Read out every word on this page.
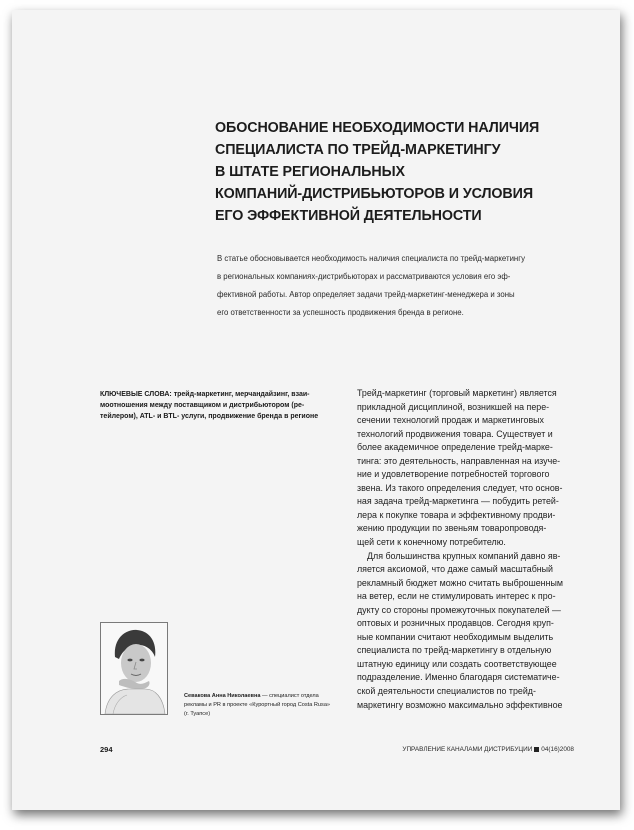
ОБОСНОВАНИЕ НЕОБХОДИМОСТИ НАЛИЧИЯ
СПЕЦИАЛИСТА ПО ТРЕЙД-МАРКЕТИНГУ
В ШТАТЕ РЕГИОНАЛЬНЫХ
КОМПАНИЙ-ДИСТРИБЬЮТОРОВ И УСЛОВИЯ
ЕГО ЭФФЕКТИВНОЙ ДЕЯТЕЛЬНОСТИ
В статье обосновывается необходимость наличия специалиста по трейд-маркетингу
в региональных компаниях-дистрибьюторах и рассматриваются условия его эф-
фективной работы. Автор определяет задачи трейд-маркетинг-менеджера и зоны
его ответственности за успешность продвижения бренда в регионе.
КЛЮЧЕВЫЕ СЛОВА: трейд-маркетинг, мерчандайзинг, взаи-
моотношения между поставщиком и дистрибьютором (ре-
тейлером), ATL- и BTL- услуги, продвижение бренда в регионе
Трейд-маркетинг (торговый маркетинг) является
прикладной дисциплиной, возникшей на пере-
сечении технологий продаж и маркетинговых
технологий продвижения товара. Существует и
более академичное определение трейд-марке-
тинга: это деятельность, направленная на изуче-
ние и удовлетворение потребностей торгового
звена. Из такого определения следует, что основ-
ная задача трейд-маркетинга — побудить ретей-
лера к покупке товара и эффективному продви-
жению продукции по звеньям товаропроводя-
щей сети к конечному потребителю.
Для большинства крупных компаний давно яв-
ляется аксиомой, что даже самый масштабный
рекламный бюджет можно считать выброшенным
на ветер, если не стимулировать интерес к про-
дукту со стороны промежуточных покупателей —
оптовых и розничных продавцов. Сегодня круп-
ные компании считают необходимым выделить
специалиста по трейд-маркетингу в отдельную
штатную единицу или создать соответствующее
подразделение. Именно благодаря систематиче-
ской деятельности специалистов по трейд-
маркетингу возможно максимально эффективное
Севакова Анна Николаевна — специалист отдела
рекламы и PR в проекте «Курортный город Costa Rusa»
(г. Туапсе)
294	УПРАВЛЕНИЕ КАНАЛАМИ ДИСТРИБУЦИИ 04(16)2008
